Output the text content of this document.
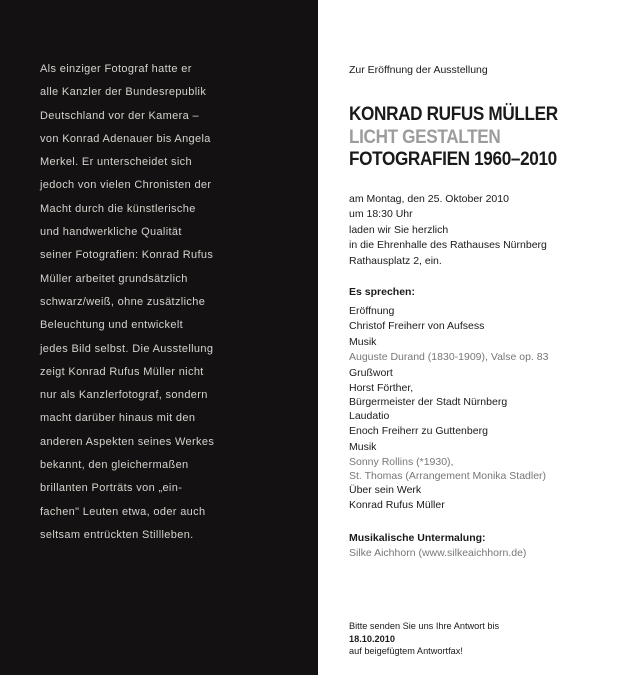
Als einziger Fotograf hatte er
alle Kanzler der Bundesrepublik
Deutschland vor der Kamera –
von Konrad Adenauer bis Angela
Merkel. Er unterscheidet sich
jedoch von vielen Chronisten der
Macht durch die künstlerische
und handwerkliche Qualität
seiner Fotografien: Konrad Rufus
Müller arbeitet grundsätzlich
schwarz/weiß, ohne zusätzliche
Beleuchtung und entwickelt
jedes Bild selbst. Die Ausstellung
zeigt Konrad Rufus Müller nicht
nur als Kanzlerfotograf, sondern
macht darüber hinaus mit den
anderen Aspekten seines Werkes
bekannt, den gleichermaßen
brillanten Porträts von „ein-
fachen" Leuten etwa, oder auch
seltsam entrückten Stillleben.

Zur Eröffnung der Ausstellung

KONRAD RUFUS MÜLLER
LICHT GESTALTEN
FOTOGRAFIEN 1960–2010

am Montag, den 25. Oktober 2010
um 18:30 Uhr
laden wir Sie herzlich
in die Ehrenhalle des Rathauses Nürnberg
Rathausplatz 2, ein.

Es sprechen:

Eröffnung
Christof Freiherr von Aufsess
Musik
Auguste Durand (1830-1909), Valse op. 83
Grußwort
Horst Förther,
Bürgermeister der Stadt Nürnberg
Laudatio
Enoch Freiherr zu Guttenberg
Musik
Sonny Rollins (*1930),
St. Thomas (Arrangement Monika Stadler)
Über sein Werk
Konrad Rufus Müller
Musikalische Untermalung:
Silke Aichhorn (www.silkeaichhorn.de)

Bitte senden Sie uns Ihre Antwort bis
18.10.2010
auf beigefügtem Antwortfax!
